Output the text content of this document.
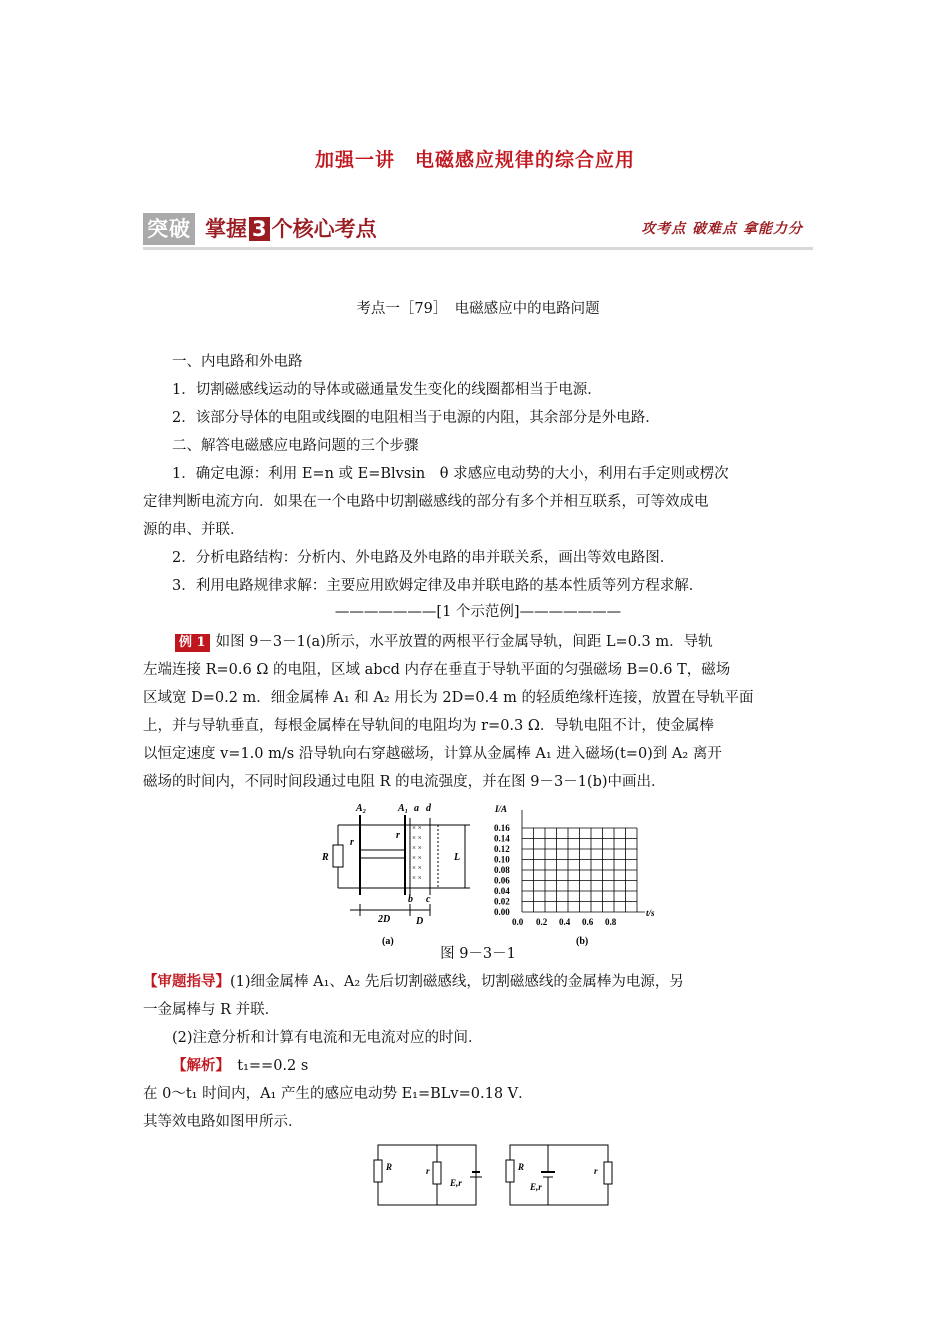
加强一讲　电磁感应规律的综合应用
突破 掌握 3 个核心考点	攻考点 破难点 拿能力分
考点一［79］　电磁感应中的电路问题
一、内电路和外电路
1．切割磁感线运动的导体或磁通量发生变化的线圈都相当于电源．
2．该部分导体的电阻或线圈的电阻相当于电源的内阻，其余部分是外电路．
二、解答电磁感应电路问题的三个步骤
1．确定电源：利用 E=n 或 E=Blvsin　θ 求感应电动势的大小，利用右手定则或楞次
定律判断电流方向．如果在一个电路中切割磁感线的部分有多个并相互联系，可等效成电
源的串、并联．
2．分析电路结构：分析内、外电路及外电路的串并联关系，画出等效电路图．
3．利用电路规律求解：主要应用欧姆定律及串并联电路的基本性质等列方程求解．
———————[1 个示范例]———————
例 1 如图 9－3－1(a)所示，水平放置的两根平行金属导轨，间距 L=0.3 m．导轨
左端连接 R=0.6 Ω 的电阻，区域 abcd 内存在垂直于导轨平面的匀强磁场 B=0.6 T，磁场
区域宽 D=0.2 m．细金属棒 A₁ 和 A₂ 用长为 2D=0.4 m 的轻质绝缘杆连接，放置在导轨平面
上，并与导轨垂直，每根金属棒在导轨间的电阻均为 r=0.3 Ω．导轨电阻不计，使金属棒
以恒定速度 v=1.0 m/s 沿导轨向右穿越磁场，计算从金属棒 A₁ 进入磁场(t=0)到 A₂ 离开
磁场的时间内，不同时间段通过电阻 R 的电流强度，并在图 9－3－1(b)中画出．
× ×
× ×
× ×
× ×
× ×
× ×
A₂	A₁ a d
r
r
R	L
b c
2D	D
(a)	(b)
I/A
t/s
0.16
0.14
0.12
0.10
0.08
0.06
0.04
0.02
0.00
0.0 0.2 0.4 0.6 0.8
图 9－3－1
【审题指导】(1)细金属棒 A₁、A₂ 先后切割磁感线，切割磁感线的金属棒为电源，另
一金属棒与 R 并联．
(2)注意分析和计算有电流和无电流对应的时间．
【解析】　 t₁==0.2 s
在 0～t₁ 时间内，A₁ 产生的感应电动势 E₁=BLv=0.18 V．
其等效电路如图甲所示．
R	r
E,r
R
E,r
r
